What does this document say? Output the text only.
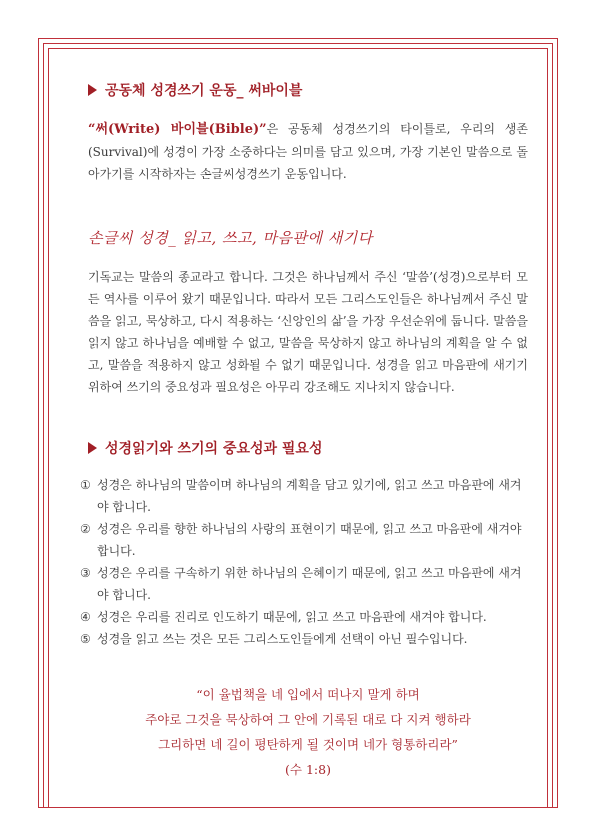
공동체 성경쓰기 운동_ 써바이블

“써(Write) 바이블(Bible)”은 공동체 성경쓰기의 타이틀로, 우리의 생존(Survival)에 성경이 가장 소중하다는 의미를 담고 있으며, 가장 기본인 말씀으로 돌아가기를 시작하자는 손글씨성경쓰기 운동입니다.

손글씨 성경_ 읽고, 쓰고, 마음판에 새기다

기독교는 말씀의 종교라고 합니다. 그것은 하나님께서 주신 ‘말씀’(성경)으로부터 모든 역사를 이루어 왔기 때문입니다. 따라서 모든 그리스도인들은 하나님께서 주신 말씀을 읽고, 묵상하고, 다시 적용하는 ‘신앙인의 삶’을 가장 우선순위에 둡니다. 말씀을 읽지 않고 하나님을 예배할 수 없고, 말씀을 묵상하지 않고 하나님의 계획을 알 수 없고, 말씀을 적용하지 않고 성화될 수 없기 때문입니다. 성경을 읽고 마음판에 새기기 위하여 쓰기의 중요성과 필요성은 아무리 강조해도 지나치지 않습니다.

성경읽기와 쓰기의 중요성과 필요성
① 성경은 하나님의 말씀이며 하나님의 계획을 담고 있기에, 읽고 쓰고 마음판에 새겨야 합니다.
② 성경은 우리를 향한 하나님의 사랑의 표현이기 때문에, 읽고 쓰고 마음판에 새겨야 합니다.
③ 성경은 우리를 구속하기 위한 하나님의 은혜이기 때문에, 읽고 쓰고 마음판에 새겨야 합니다.
④ 성경은 우리를 진리로 인도하기 때문에, 읽고 쓰고 마음판에 새겨야 합니다.
⑤ 성경을 읽고 쓰는 것은 모든 그리스도인들에게 선택이 아닌 필수입니다.
“이 율법책을 네 입에서 떠나지 말게 하며
주야로 그것을 묵상하여 그 안에 기록된 대로 다 지켜 행하라
그리하면 네 길이 평탄하게 될 것이며 네가 형통하리라”
(수 1:8)
